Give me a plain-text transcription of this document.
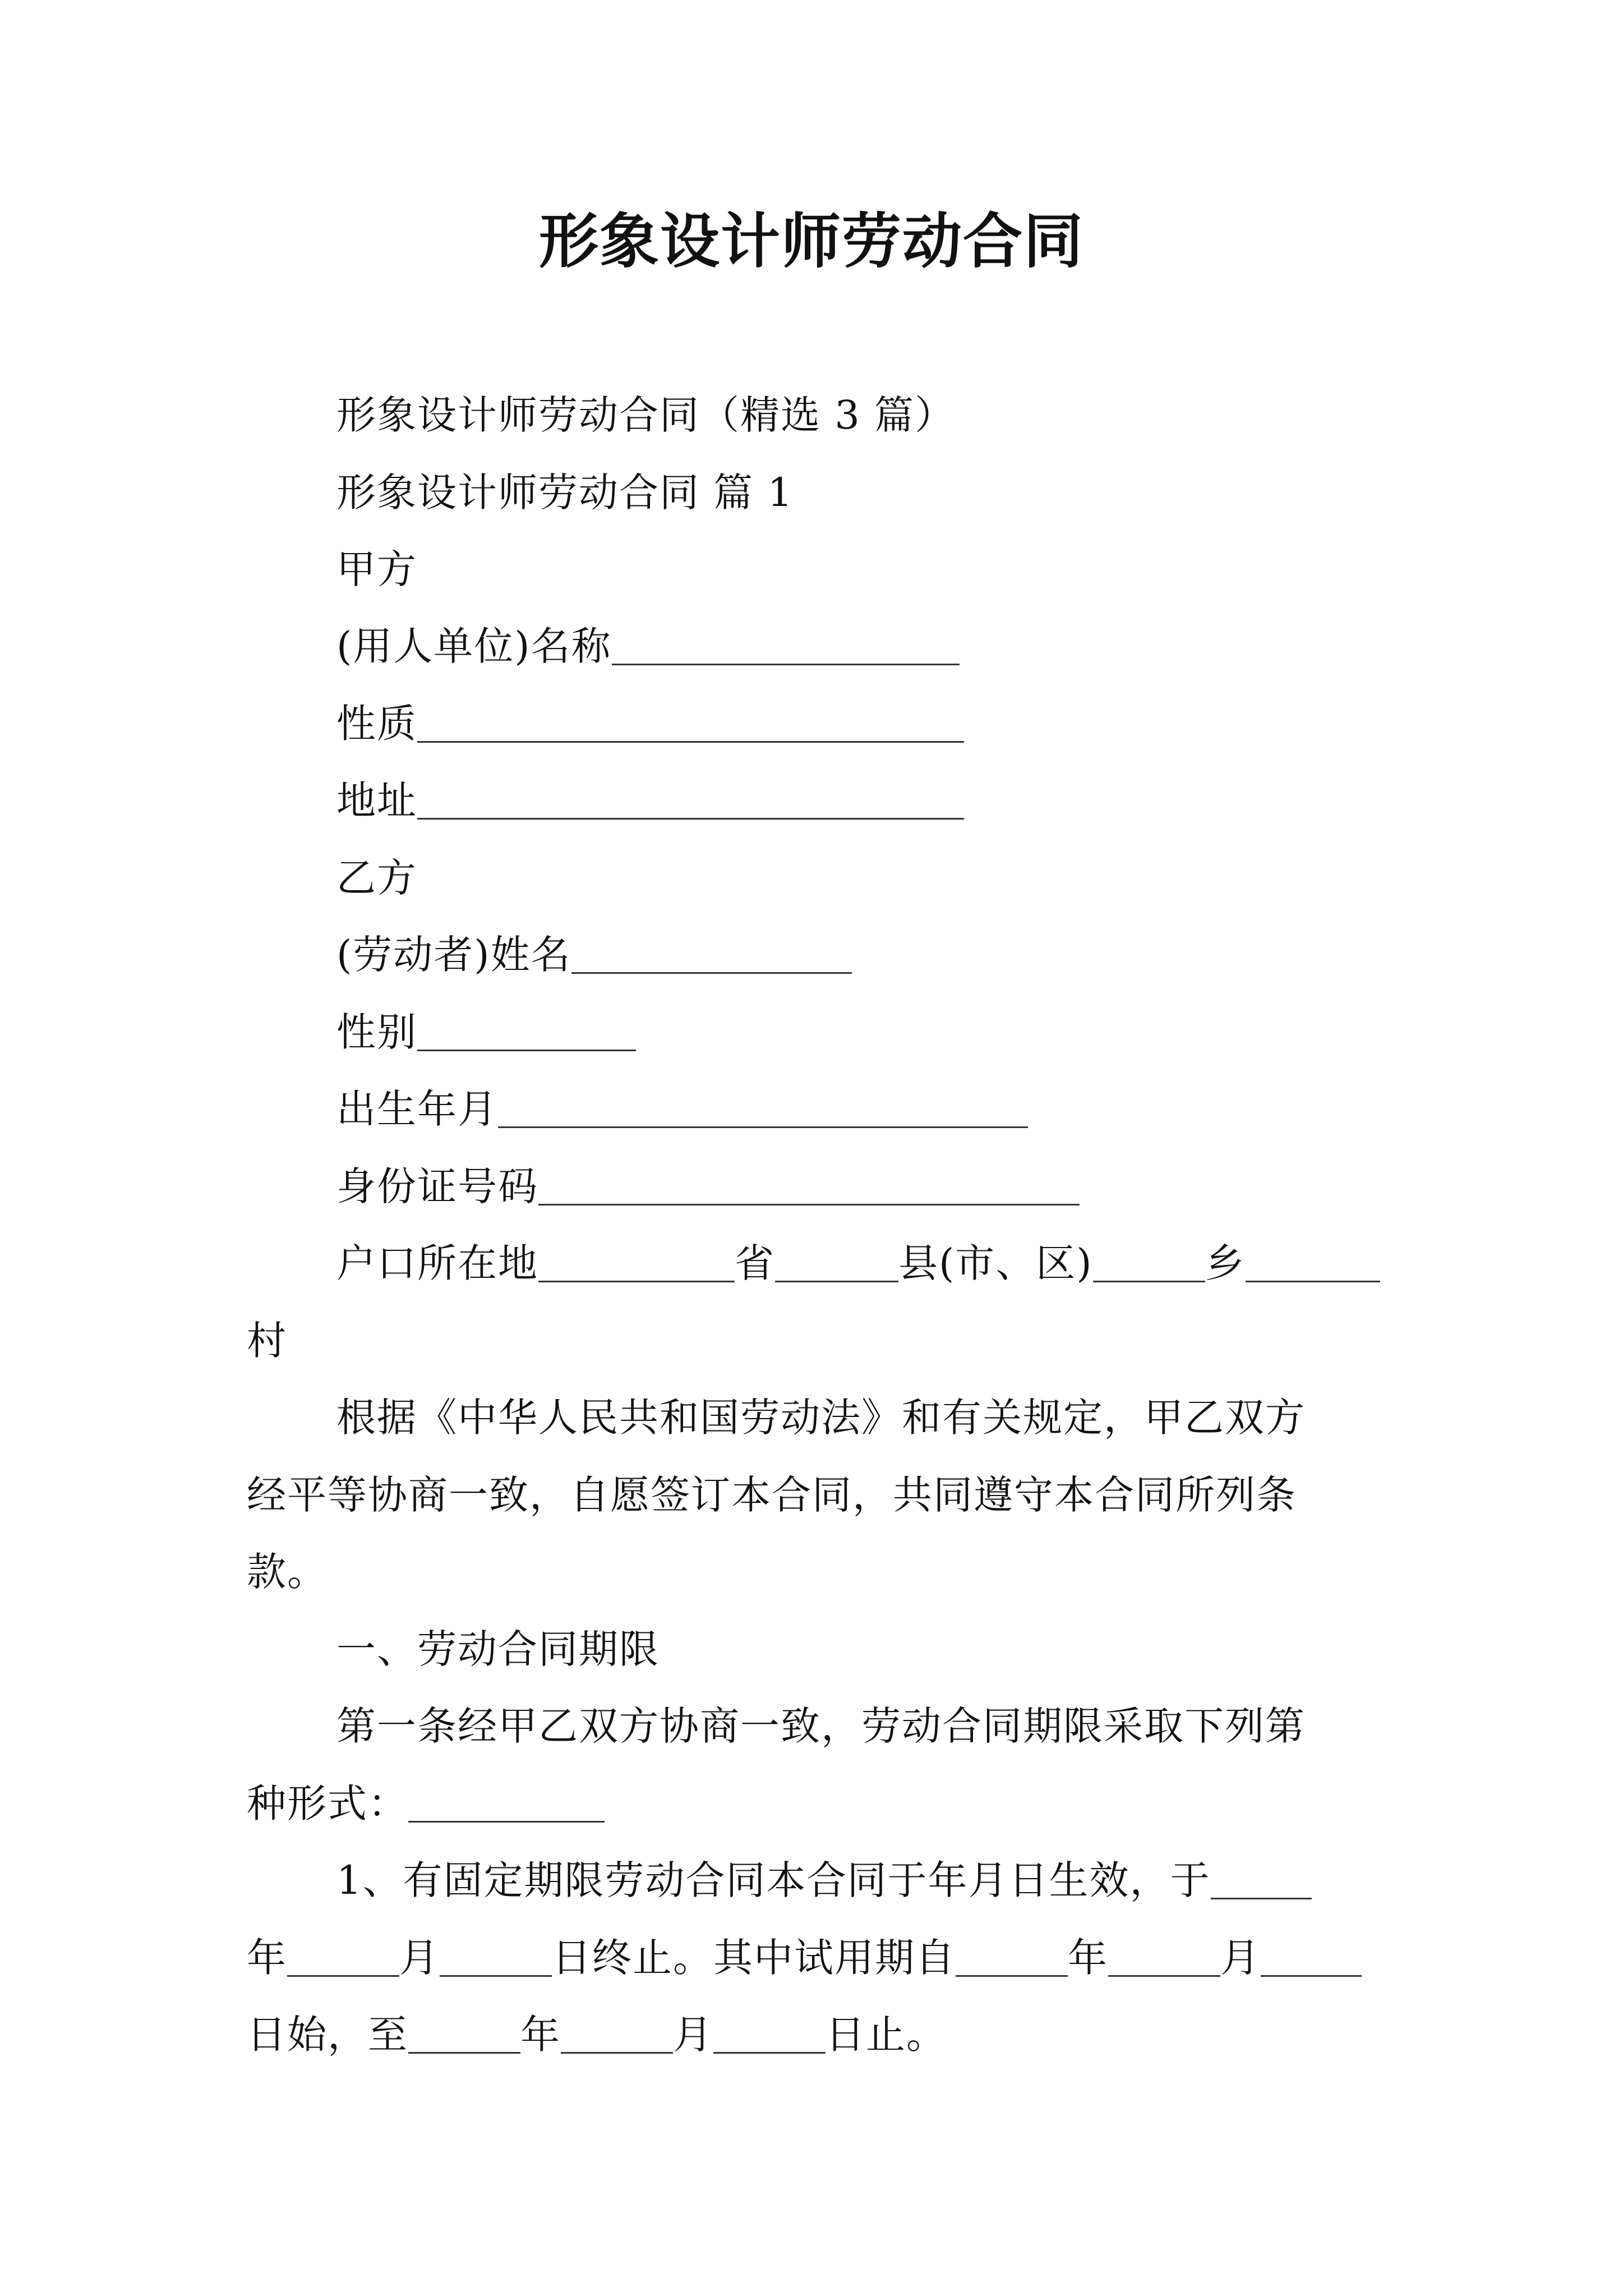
形象设计师劳动合同
形象设计师劳动合同（精选 3 篇）
形象设计师劳动合同 篇 1
甲方
(用人单位)名称
性质
地址
乙方
(劳动者)姓名
性别
出生年月
身份证号码
户口所在地	省	县(市、区)	乡
村
根据《中华人民共和国劳动法》和有关规定，甲乙双方
经平等协商一致，自愿签订本合同，共同遵守本合同所列条
款。
一、劳动合同期限
第一条经甲乙双方协商一致，劳动合同期限采取下列第
种形式：
1、有固定期限劳动合同本合同于年月日生效，于
年	月	日终止。其中试用期自	年	月
日始，至	年	月	日止。
